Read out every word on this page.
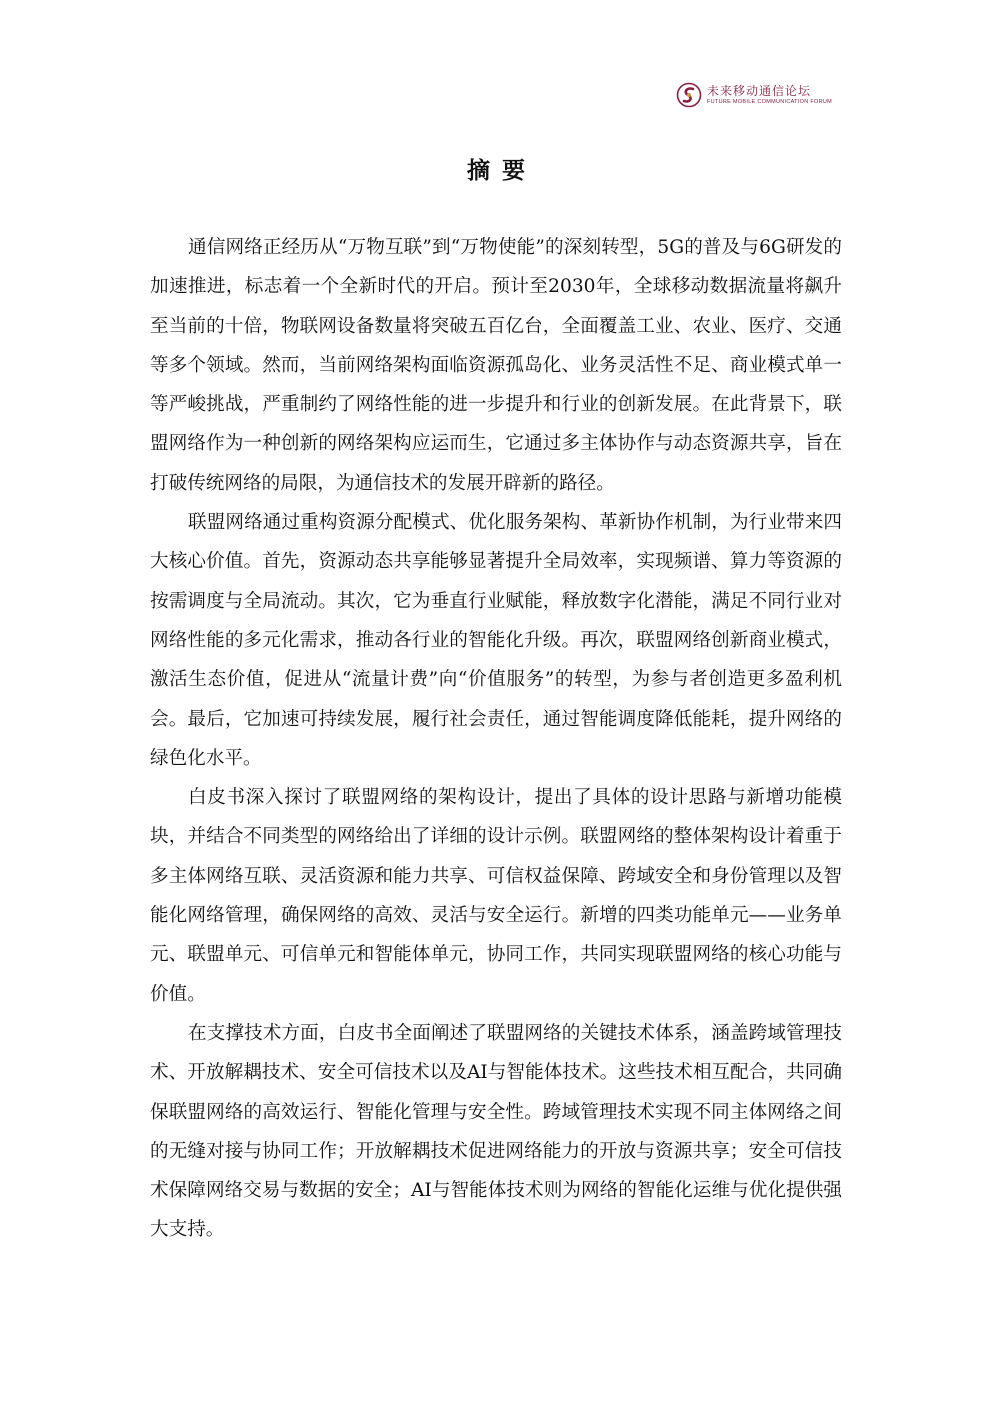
未来移动通信论坛
FUTURE MOBILE COMMUNICATION FORUM
摘要

通信网络正经历从“万物互联”到“万物使能”的深刻转型，5G的普及与6G研发的加速推进，标志着一个全新时代的开启。预计至2030年，全球移动数据流量将飙升至当前的十倍，物联网设备数量将突破五百亿台，全面覆盖工业、农业、医疗、交通等多个领域。然而，当前网络架构面临资源孤岛化、业务灵活性不足、商业模式单一等严峻挑战，严重制约了网络性能的进一步提升和行业的创新发展。在此背景下，联盟网络作为一种创新的网络架构应运而生，它通过多主体协作与动态资源共享，旨在打破传统网络的局限，为通信技术的发展开辟新的路径。

联盟网络通过重构资源分配模式、优化服务架构、革新协作机制，为行业带来四大核心价值。首先，资源动态共享能够显著提升全局效率，实现频谱、算力等资源的按需调度与全局流动。其次，它为垂直行业赋能，释放数字化潜能，满足不同行业对网络性能的多元化需求，推动各行业的智能化升级。再次，联盟网络创新商业模式，激活生态价值，促进从“流量计费”向“价值服务”的转型，为参与者创造更多盈利机会。最后，它加速可持续发展，履行社会责任，通过智能调度降低能耗，提升网络的绿色化水平。

白皮书深入探讨了联盟网络的架构设计，提出了具体的设计思路与新增功能模块，并结合不同类型的网络给出了详细的设计示例。联盟网络的整体架构设计着重于多主体网络互联、灵活资源和能力共享、可信权益保障、跨域安全和身份管理以及智能化网络管理，确保网络的高效、灵活与安全运行。新增的四类功能单元——业务单元、联盟单元、可信单元和智能体单元，协同工作，共同实现联盟网络的核心功能与价值。

在支撑技术方面，白皮书全面阐述了联盟网络的关键技术体系，涵盖跨域管理技术、开放解耦技术、安全可信技术以及AI与智能体技术。这些技术相互配合，共同确保联盟网络的高效运行、智能化管理与安全性。跨域管理技术实现不同主体网络之间的无缝对接与协同工作；开放解耦技术促进网络能力的开放与资源共享；安全可信技术保障网络交易与数据的安全；AI与智能体技术则为网络的智能化运维与优化提供强大支持。
